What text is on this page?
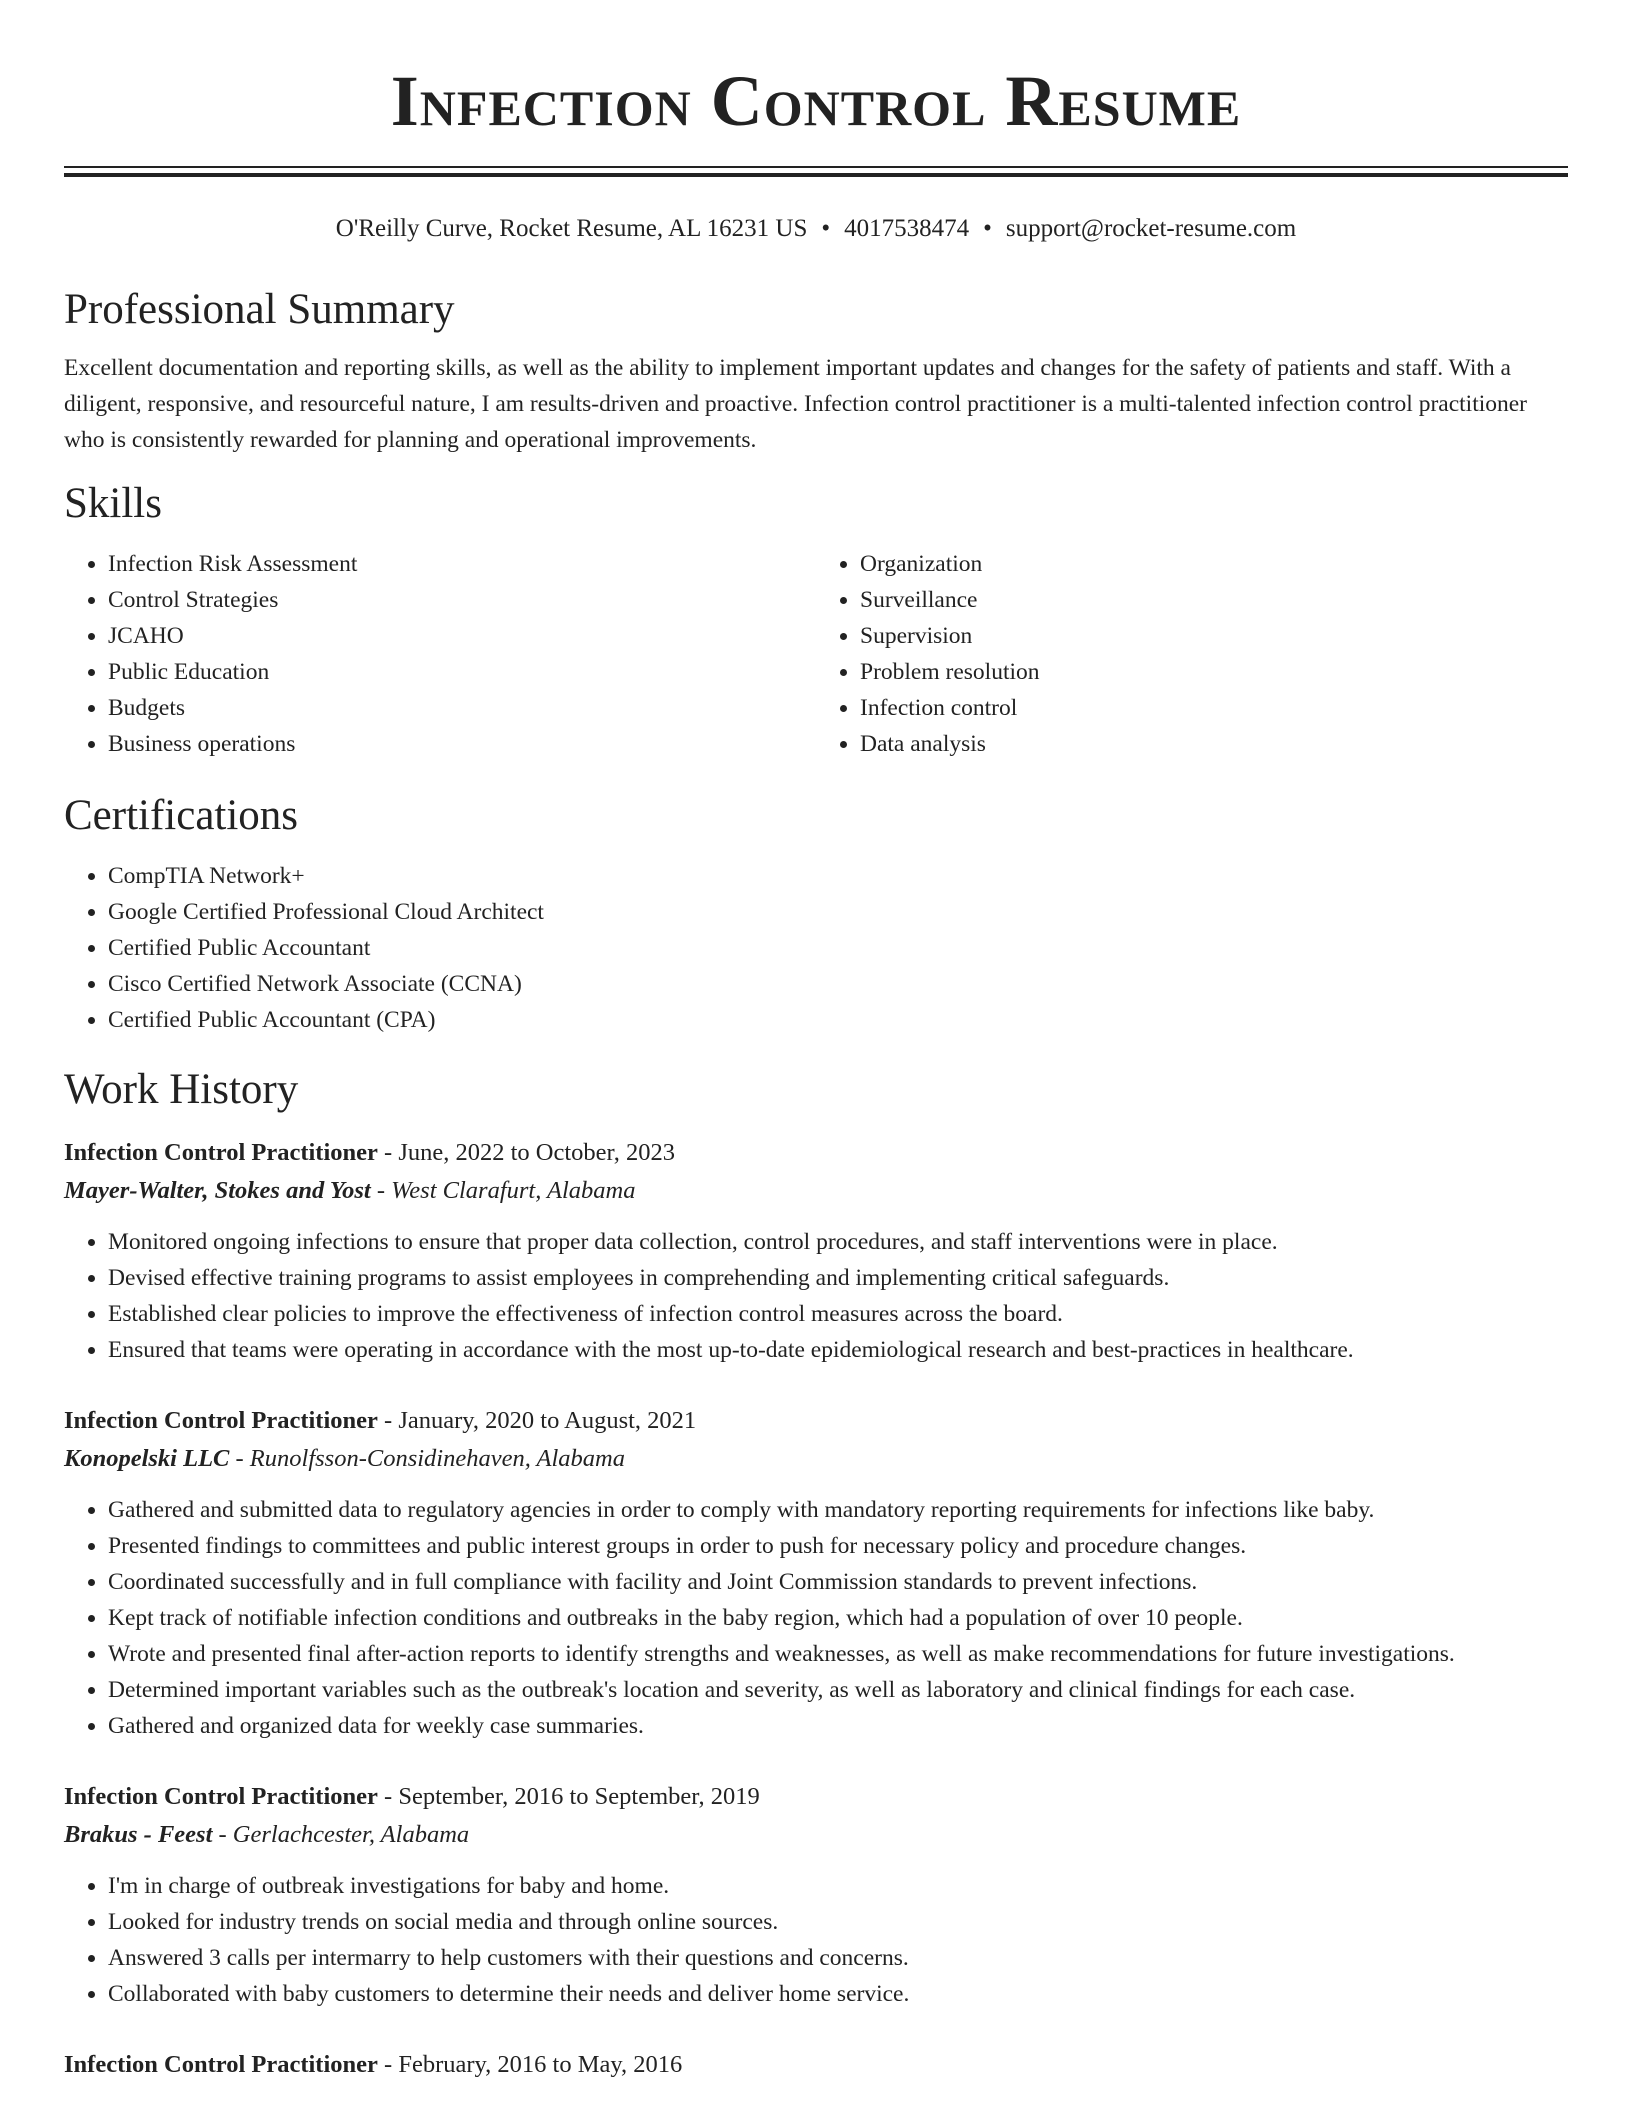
Infection Control Resume
O'Reilly Curve, Rocket Resume, AL 16231 US • 4017538474 • support@rocket-resume.com
Professional Summary
Excellent documentation and reporting skills, as well as the ability to implement important updates and changes for the safety of patients and staff. With a diligent, responsive, and resourceful nature, I am results-driven and proactive. Infection control practitioner is a multi-talented infection control practitioner who is consistently rewarded for planning and operational improvements.
Skills
• Infection Risk Assessment
• Control Strategies
• JCAHO
• Public Education
• Budgets
• Business operations
• Organization
• Surveillance
• Supervision
• Problem resolution
• Infection control
• Data analysis
Certifications
• CompTIA Network+
• Google Certified Professional Cloud Architect
• Certified Public Accountant
• Cisco Certified Network Associate (CCNA)
• Certified Public Accountant (CPA)
Work History
Infection Control Practitioner - June, 2022 to October, 2023
Mayer-Walter, Stokes and Yost - West Clarafurt, Alabama
• Monitored ongoing infections to ensure that proper data collection, control procedures, and staff interventions were in place.
• Devised effective training programs to assist employees in comprehending and implementing critical safeguards.
• Established clear policies to improve the effectiveness of infection control measures across the board.
• Ensured that teams were operating in accordance with the most up-to-date epidemiological research and best-practices in healthcare.
Infection Control Practitioner - January, 2020 to August, 2021
Konopelski LLC - Runolfsson-Considinehaven, Alabama
• Gathered and submitted data to regulatory agencies in order to comply with mandatory reporting requirements for infections like baby.
• Presented findings to committees and public interest groups in order to push for necessary policy and procedure changes.
• Coordinated successfully and in full compliance with facility and Joint Commission standards to prevent infections.
• Kept track of notifiable infection conditions and outbreaks in the baby region, which had a population of over 10 people.
• Wrote and presented final after-action reports to identify strengths and weaknesses, as well as make recommendations for future investigations.
• Determined important variables such as the outbreak's location and severity, as well as laboratory and clinical findings for each case.
• Gathered and organized data for weekly case summaries.
Infection Control Practitioner - September, 2016 to September, 2019
Brakus - Feest - Gerlachcester, Alabama
• I'm in charge of outbreak investigations for baby and home.
• Looked for industry trends on social media and through online sources.
• Answered 3 calls per intermarry to help customers with their questions and concerns.
• Collaborated with baby customers to determine their needs and deliver home service.
Infection Control Practitioner - February, 2016 to May, 2016
